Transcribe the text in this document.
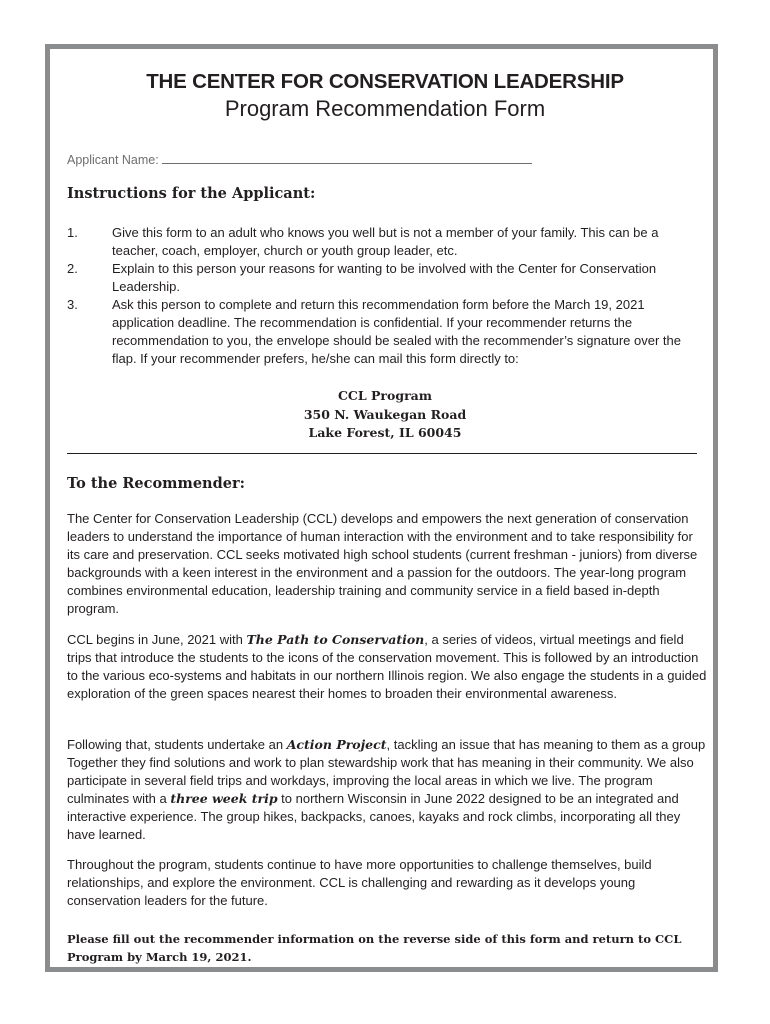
THE CENTER FOR CONSERVATION LEADERSHIP
Program Recommendation Form
Applicant Name:
Instructions for the Applicant:
1.	Give this form to an adult who knows you well but is not a member of your family. This can be a teacher, coach, employer, church or youth group leader, etc.
2.	Explain to this person your reasons for wanting to be involved with the Center for Conservation Leadership.
3.	Ask this person to complete and return this recommendation form before the March 19, 2021 application deadline. The recommendation is confidential. If your recommender returns the recommendation to you, the envelope should be sealed with the recommender’s signature over the flap. If your recommender prefers, he/she can mail this form directly to:
CCL Program
350 N. Waukegan Road
Lake Forest, IL 60045
To the Recommender:

The Center for Conservation Leadership (CCL) develops and empowers the next generation of conservation leaders to understand the importance of human interaction with the environment and to take responsibility for its care and preservation. CCL seeks motivated high school students (current freshman - juniors) from diverse backgrounds with a keen interest in the environment and a passion for the outdoors. The year-long program combines environmental education, leadership training and community service in a field based in-depth program.

CCL begins in June, 2021 with The Path to Conservation, a series of videos, virtual meetings and field trips that introduce the students to the icons of the conservation movement. This is followed by an introduction to the various eco-systems and habitats in our northern Illinois region. We also engage the students in a guided exploration of the green spaces nearest their homes to broaden their environmental awareness.

Following that, students undertake an Action Project, tackling an issue that has meaning to them as a group Together they find solutions and work to plan stewardship work that has meaning in their community. We also participate in several field trips and workdays, improving the local areas in which we live. The program culminates with a three week trip to northern Wisconsin in June 2022 designed to be an integrated and interactive experience. The group hikes, backpacks, canoes, kayaks and rock climbs, incorporating all they have learned.

Throughout the program, students continue to have more opportunities to challenge themselves, build relationships, and explore the environment. CCL is challenging and rewarding as it develops young conservation leaders for the future.

Please fill out the recommender information on the reverse side of this form and return to CCL Program by March 19, 2021.
